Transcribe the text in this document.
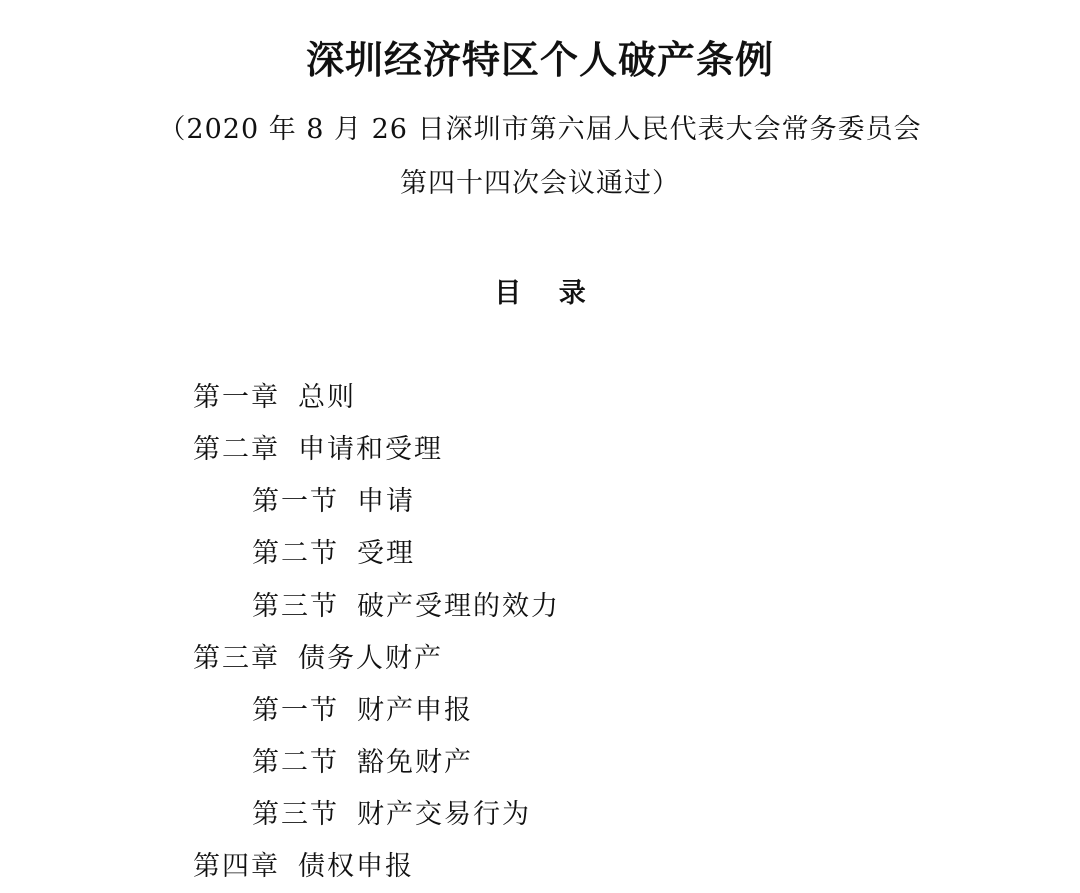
深圳经济特区个人破产条例

（2020 年 8 月 26 日深圳市第六届人民代表大会常务委员会

第四十四次会议通过）

目 录
第一章 总则
第二章 申请和受理
第一节 申请
第二节 受理
第三节 破产受理的效力
第三章 债务人财产
第一节 财产申报
第二节 豁免财产
第三节 财产交易行为
第四章 债权申报
